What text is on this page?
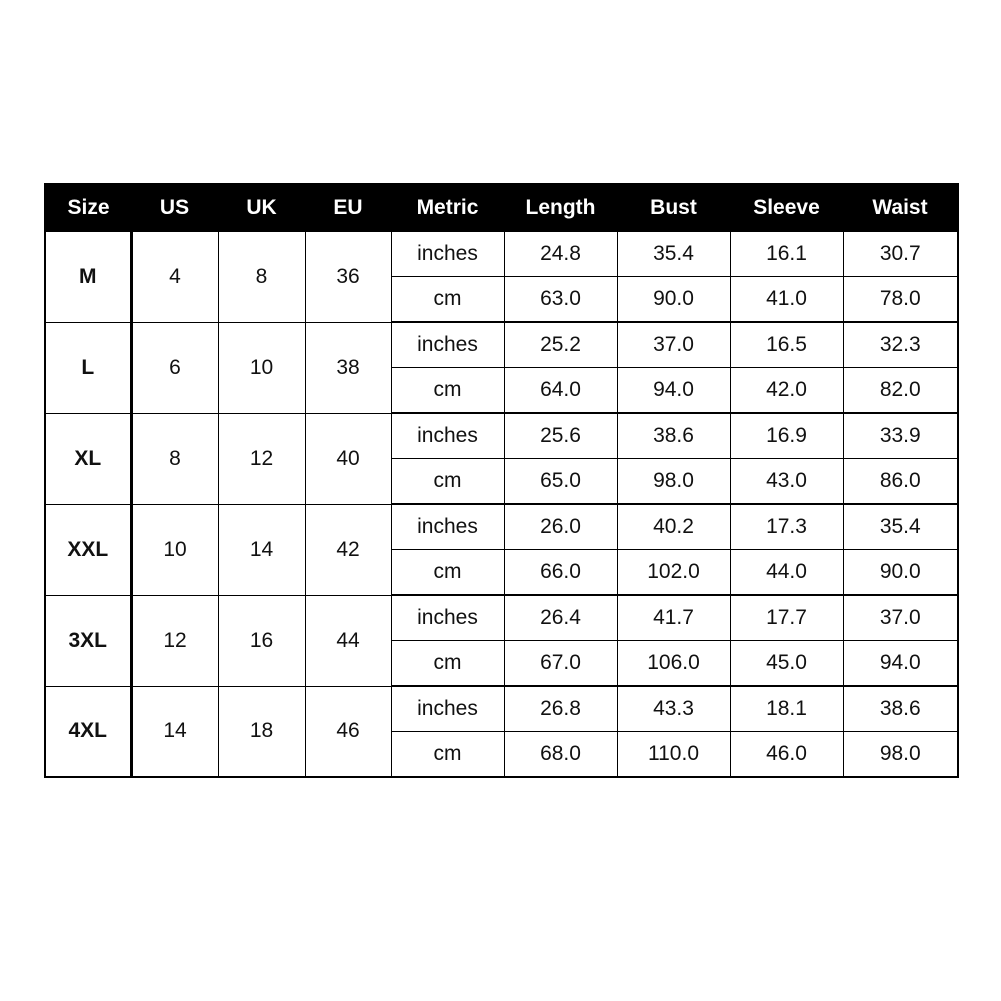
Size	US	UK	EU	Metric	Length	Bust	Sleeve	Waist
M	4	8	36	inches	24.8	35.4	16.1	30.7
				cm	63.0	90.0	41.0	78.0
L	6	10	38	inches	25.2	37.0	16.5	32.3
				cm	64.0	94.0	42.0	82.0
XL	8	12	40	inches	25.6	38.6	16.9	33.9
				cm	65.0	98.0	43.0	86.0
XXL	10	14	42	inches	26.0	40.2	17.3	35.4
				cm	66.0	102.0	44.0	90.0
3XL	12	16	44	inches	26.4	41.7	17.7	37.0
				cm	67.0	106.0	45.0	94.0
4XL	14	18	46	inches	26.8	43.3	18.1	38.6
				cm	68.0	110.0	46.0	98.0
